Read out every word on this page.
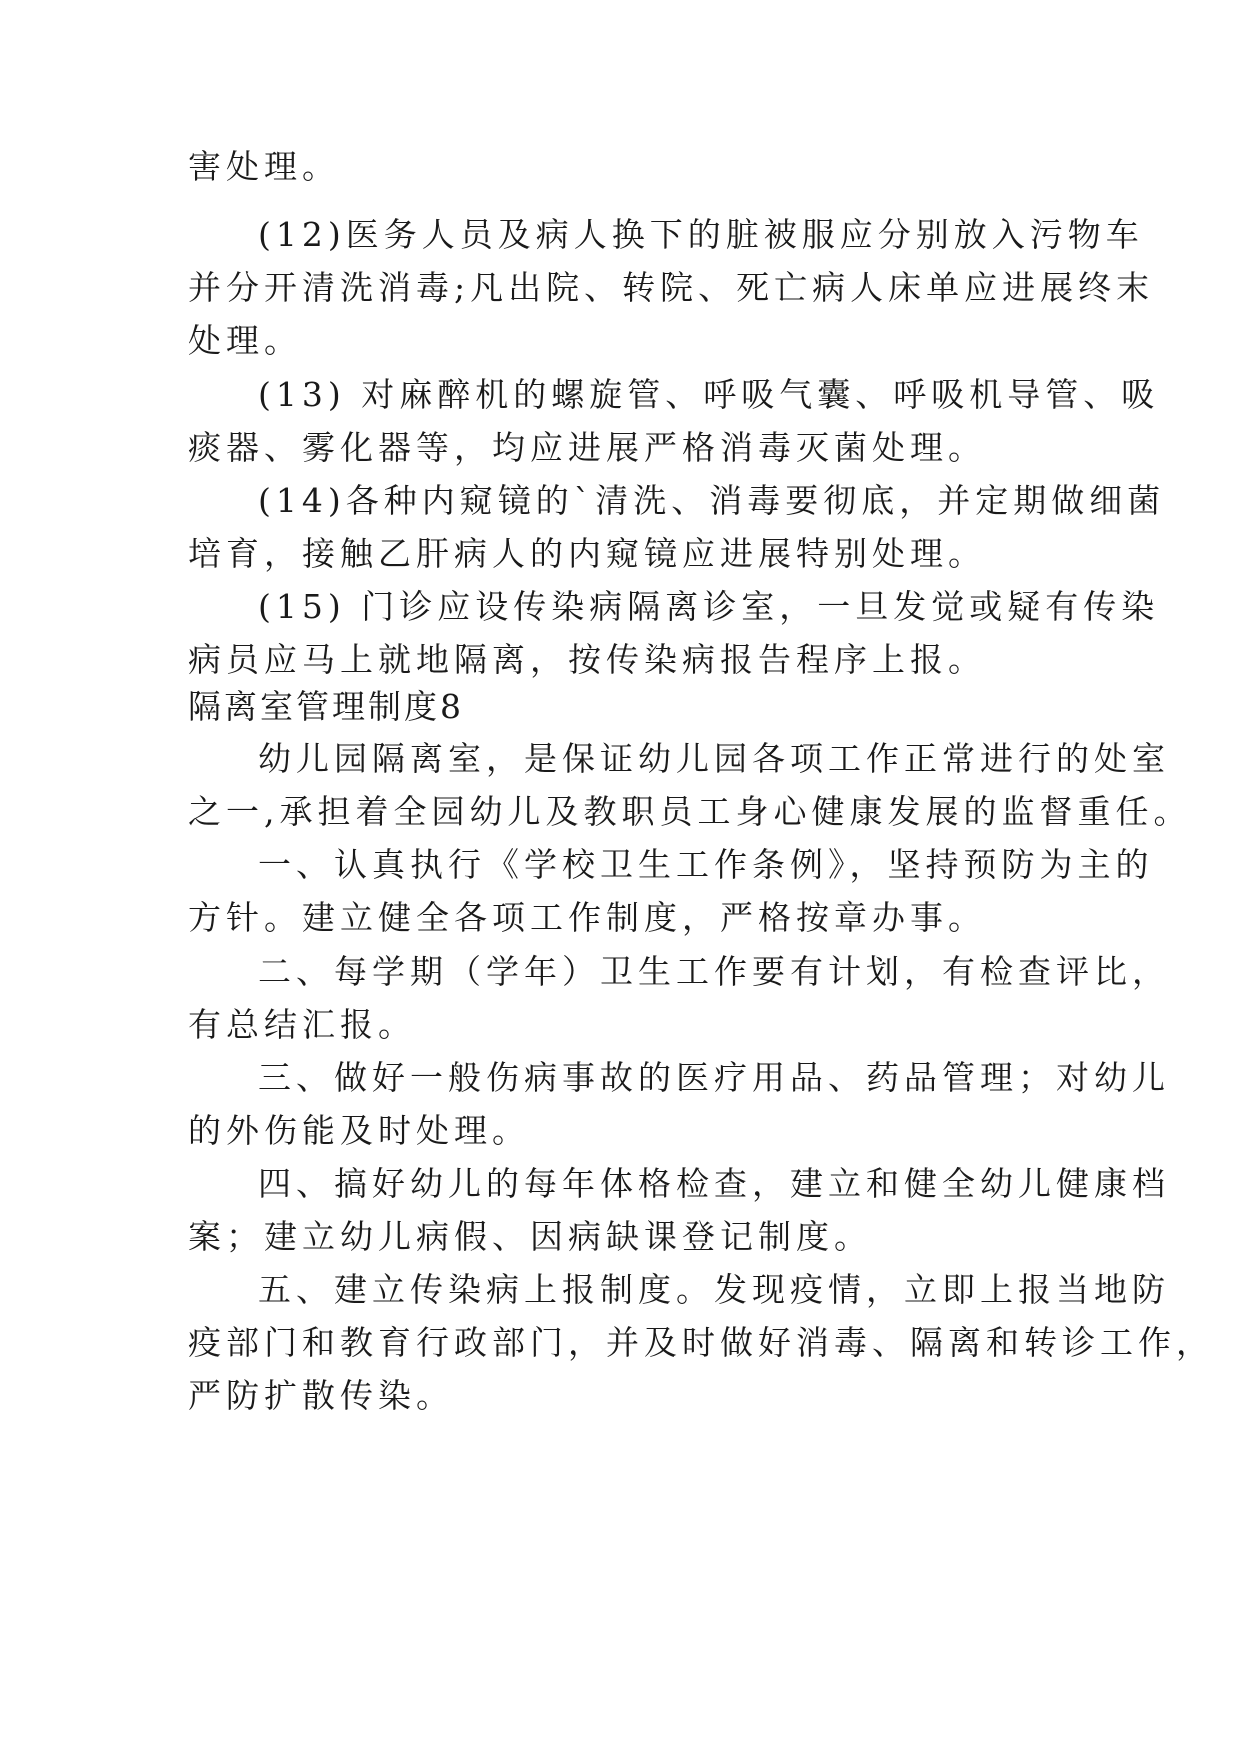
害处理。
(12)医务人员及病人换下的脏被服应分别放入污物车
并分开清洗消毒;凡出院、转院、死亡病人床单应进展终末
处理。
(13) 对麻醉机的螺旋管、呼吸气囊、呼吸机导管、吸
痰器、雾化器等，均应进展严格消毒灭菌处理。
(14)各种内窥镜的`清洗、消毒要彻底，并定期做细菌
培育，接触乙肝病人的内窥镜应进展特别处理。
(15) 门诊应设传染病隔离诊室，一旦发觉或疑有传染
病员应马上就地隔离，按传染病报告程序上报。
隔离室管理制度8
幼儿园隔离室，是保证幼儿园各项工作正常进行的处室
之一,承担着全园幼儿及教职员工身心健康发展的监督重任。
一、认真执行《学校卫生工作条例》，坚持预防为主的
方针。建立健全各项工作制度，严格按章办事。
二、每学期（学年）卫生工作要有计划，有检查评比，
有总结汇报。
三、做好一般伤病事故的医疗用品、药品管理；对幼儿
的外伤能及时处理。
四、搞好幼儿的每年体格检查，建立和健全幼儿健康档
案；建立幼儿病假、因病缺课登记制度。
五、建立传染病上报制度。发现疫情，立即上报当地防
疫部门和教育行政部门，并及时做好消毒、隔离和转诊工作，
严防扩散传染。
